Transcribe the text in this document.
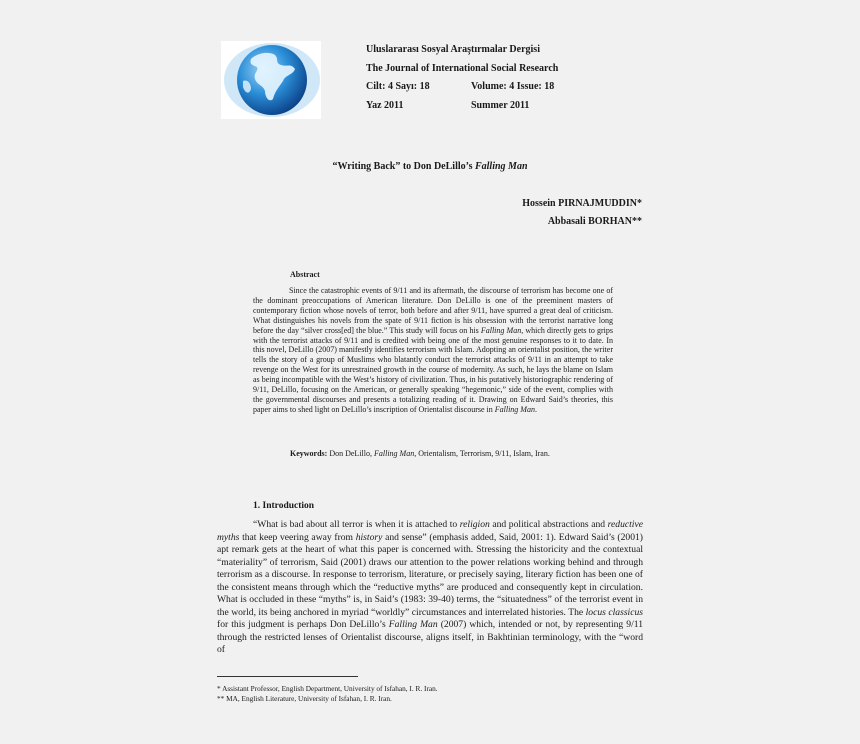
Uluslararası Sosyal Araştırmalar Dergisi
The Journal of International Social Research
Cilt: 4 Sayı: 18	Volume: 4 Issue: 18
Yaz 2011	Summer 2011
“Writing Back” to Don DeLillo’s Falling Man
Hossein PIRNAJMUDDIN*
Abbasali BORHAN**
Abstract

Since the catastrophic events of 9/11 and its aftermath, the discourse of terrorism has become one of the dominant preoccupations of American literature. Don DeLillo is one of the preeminent masters of contemporary fiction whose novels of terror, both before and after 9/11, have spurred a great deal of criticism. What distinguishes his novels from the spate of 9/11 fiction is his obsession with the terrorist narrative long before the day “silver cross[ed] the blue.” This study will focus on his Falling Man, which directly gets to grips with the terrorist attacks of 9/11 and is credited with being one of the most genuine responses to it to date. In this novel, DeLillo (2007) manifestly identifies terrorism with Islam. Adopting an orientalist position, the writer tells the story of a group of Muslims who blatantly conduct the terrorist attacks of 9/11 in an attempt to take revenge on the West for its unrestrained growth in the course of modernity. As such, he lays the blame on Islam as being incompatible with the West’s history of civilization. Thus, in his putatively historiographic rendering of 9/11, DeLillo, focusing on the American, or generally speaking “hegemonic,” side of the event, complies with the governmental discourses and presents a totalizing reading of it. Drawing on Edward Said’s theories, this paper aims to shed light on DeLillo’s inscription of Orientalist discourse in Falling Man.

Keywords: Don DeLillo, Falling Man, Orientalism, Terrorism, 9/11, Islam, Iran.
1. Introduction

“What is bad about all terror is when it is attached to religion and political abstractions and reductive myths that keep veering away from history and sense” (emphasis added, Said, 2001: 1). Edward Said’s (2001) apt remark gets at the heart of what this paper is concerned with. Stressing the historicity and the contextual “materiality” of terrorism, Said (2001) draws our attention to the power relations working behind and through terrorism as a discourse. In response to terrorism, literature, or precisely saying, literary fiction has been one of the consistent means through which the “reductive myths” are produced and consequently kept in circulation. What is occluded in these “myths” is, in Said’s (1983: 39-40) terms, the “situatedness” of the terrorist event in the world, its being anchored in myriad “worldly” circumstances and interrelated histories. The locus classicus for this judgment is perhaps Don DeLillo’s Falling Man (2007) which, intended or not, by representing 9/11 through the restricted lenses of Orientalist discourse, aligns itself, in Bakhtinian terminology, with the “word of

* Assistant Professor, English Department, University of Isfahan, I. R. Iran.
** MA, English Literature, University of Isfahan, I. R. Iran.
